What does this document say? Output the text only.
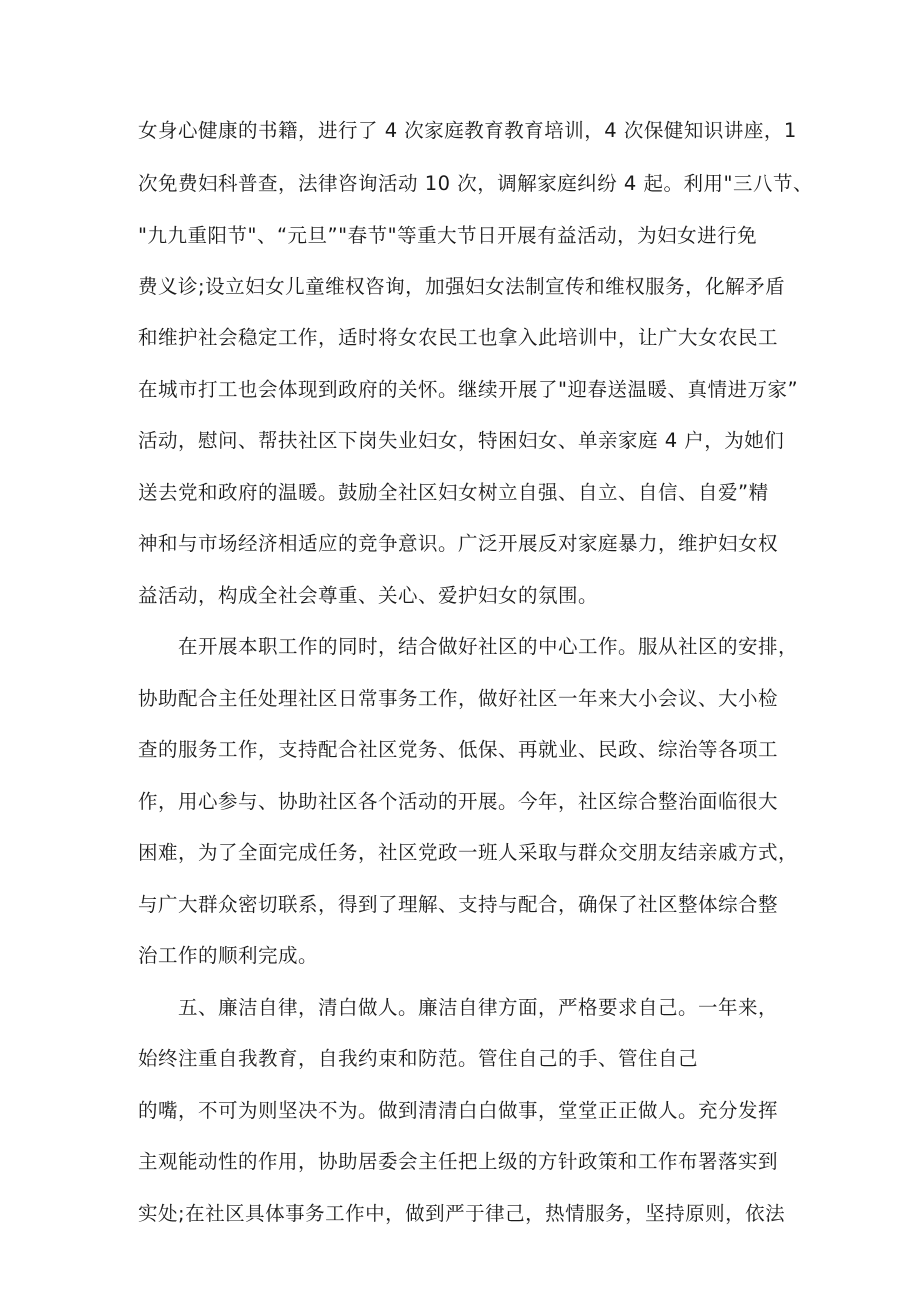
女身心健康的书籍，进行了 4 次家庭教育教育培训，4 次保健知识讲座，1
次免费妇科普查，法律咨询活动 10 次，调解家庭纠纷 4 起。利用"三八节、
"九九重阳节"、“元旦”"春节"等重大节日开展有益活动，为妇女进行免
费义诊;设立妇女儿童维权咨询，加强妇女法制宣传和维权服务，化解矛盾
和维护社会稳定工作，适时将女农民工也拿入此培训中，让广大女农民工
在城市打工也会体现到政府的关怀。继续开展了"迎春送温暖、真情进万家”
活动，慰问、帮扶社区下岗失业妇女，特困妇女、单亲家庭 4 户，为她们
送去党和政府的温暖。鼓励全社区妇女树立自强、自立、自信、自爱”精
神和与市场经济相适应的竞争意识。广泛开展反对家庭暴力，维护妇女权
益活动，构成全社会尊重、关心、爱护妇女的氛围。
在开展本职工作的同时，结合做好社区的中心工作。服从社区的安排，
协助配合主任处理社区日常事务工作，做好社区一年来大小会议、大小检
查的服务工作，支持配合社区党务、低保、再就业、民政、综治等各项工
作，用心参与、协助社区各个活动的开展。今年，社区综合整治面临很大
困难，为了全面完成任务，社区党政一班人采取与群众交朋友结亲戚方式，
与广大群众密切联系，得到了理解、支持与配合，确保了社区整体综合整
治工作的顺利完成。
五、廉洁自律，清白做人。廉洁自律方面，严格要求自己。一年来，
始终注重自我教育，自我约束和防范。管住自己的手、管住自己
的嘴，不可为则坚决不为。做到清清白白做事，堂堂正正做人。充分发挥
主观能动性的作用，协助居委会主任把上级的方针政策和工作布署落实到
实处;在社区具体事务工作中，做到严于律己，热情服务，坚持原则，依法
